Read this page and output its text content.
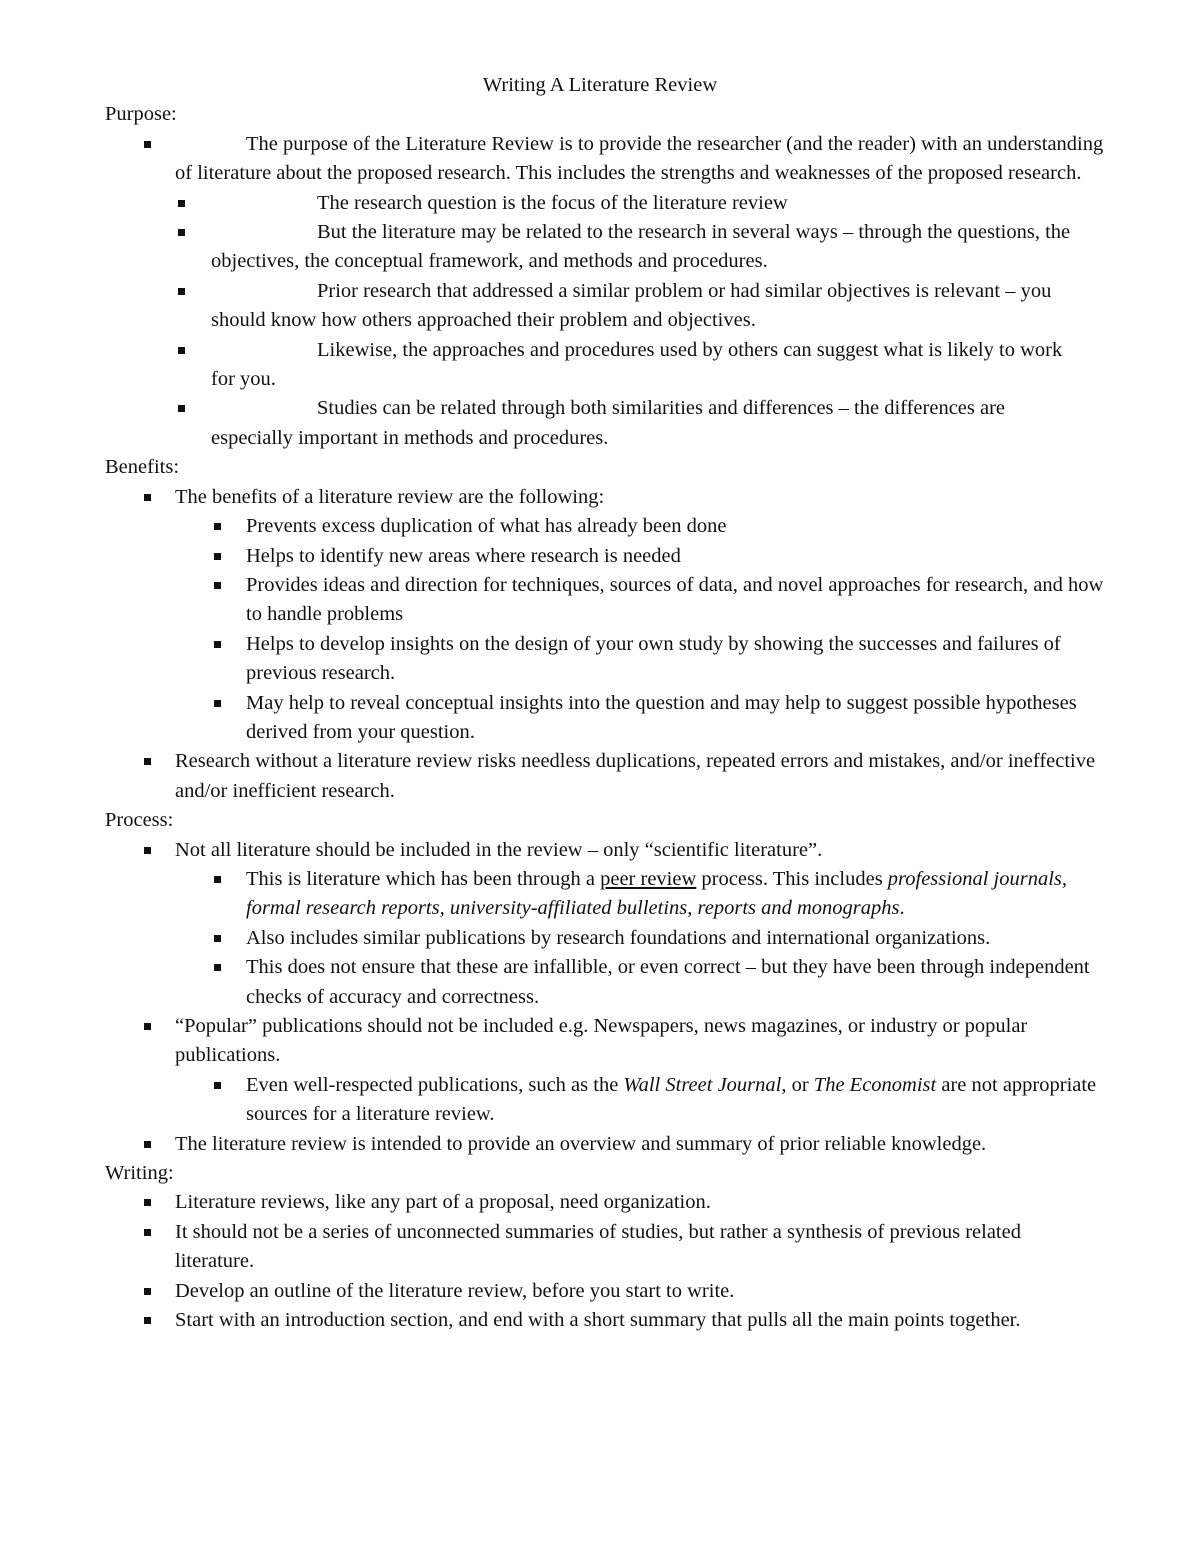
Writing A Literature Review
Purpose:
The purpose of the Literature Review is to provide the researcher (and the reader) with an understanding of literature about the proposed research. This includes the strengths and weaknesses of the proposed research.
The research question is the focus of the literature review
But the literature may be related to the research in several ways – through the questions, the objectives, the conceptual framework, and methods and procedures.
Prior research that addressed a similar problem or had similar objectives is relevant – you should know how others approached their problem and objectives.
Likewise, the approaches and procedures used by others can suggest what is likely to work for you.
Studies can be related through both similarities and differences – the differences are especially important in methods and procedures.
Benefits:
The benefits of a literature review are the following:
Prevents excess duplication of what has already been done
Helps to identify new areas where research is needed
Provides ideas and direction for techniques, sources of data, and novel approaches for research, and how to handle problems
Helps to develop insights on the design of your own study by showing the successes and failures of previous research.
May help to reveal conceptual insights into the question and may help to suggest possible hypotheses derived from your question.
Research without a literature review risks needless duplications, repeated errors and mistakes, and/or ineffective and/or inefficient research.
Process:
Not all literature should be included in the review – only “scientific literature”.
This is literature which has been through a peer review process. This includes professional journals, formal research reports, university-affiliated bulletins, reports and monographs.
Also includes similar publications by research foundations and international organizations.
This does not ensure that these are infallible, or even correct – but they have been through independent checks of accuracy and correctness.
“Popular” publications should not be included e.g. Newspapers, news magazines, or industry or popular publications.
Even well-respected publications, such as the Wall Street Journal, or The Economist are not appropriate sources for a literature review.
The literature review is intended to provide an overview and summary of prior reliable knowledge.
Writing:
Literature reviews, like any part of a proposal, need organization.
It should not be a series of unconnected summaries of studies, but rather a synthesis of previous related literature.
Develop an outline of the literature review, before you start to write.
Start with an introduction section, and end with a short summary that pulls all the main points together.
